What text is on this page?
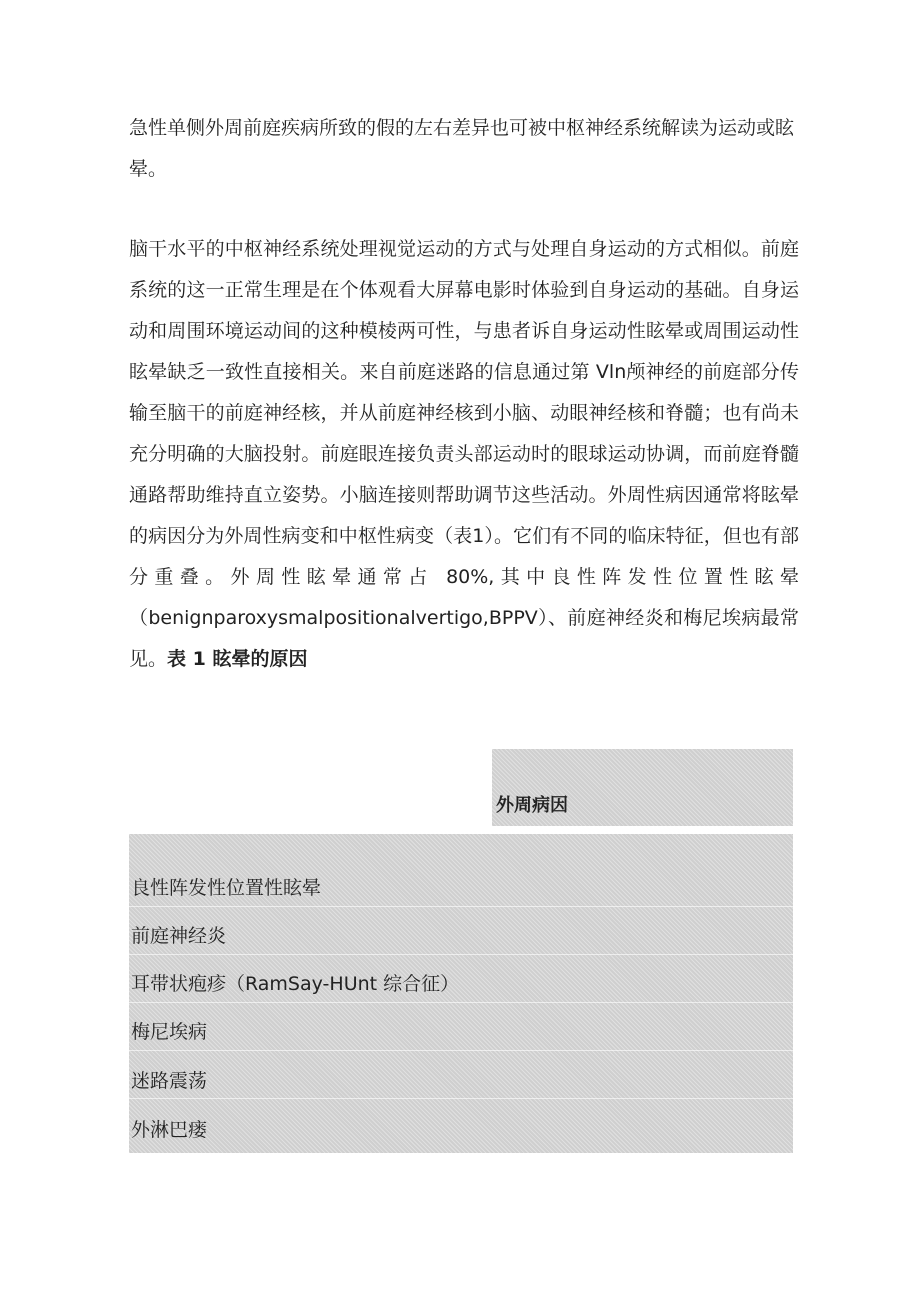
急性单侧外周前庭疾病所致的假的左右差异也可被中枢神经系统解读为运动或眩晕。

脑干水平的中枢神经系统处理视觉运动的方式与处理自身运动的方式相似。前庭系统的这一正常生理是在个体观看大屏幕电影时体验到自身运动的基础。自身运动和周围环境运动间的这种模棱两可性，与患者诉自身运动性眩晕或周围运动性眩晕缺乏一致性直接相关。来自前庭迷路的信息通过第 Vln颅神经的前庭部分传输至脑干的前庭神经核，并从前庭神经核到小脑、动眼神经核和脊髓；也有尚未充分明确的大脑投射。前庭眼连接负责头部运动时的眼球运动协调，而前庭脊髓通路帮助维持直立姿势。小脑连接则帮助调节这些活动。外周性病因通常将眩晕的病因分为外周性病变和中枢性病变（表1）。它们有不同的临床特征，但也有部分重叠。外周性眩晕通常占 80%,其中良性阵发性位置性眩晕（benignparoxysmalpositionalvertigo,BPPV）、前庭神经炎和梅尼埃病最常见。表 1 眩晕的原因

外周病因
良性阵发性位置性眩晕
前庭神经炎
耳带状疱疹（RamSay-HUnt 综合征）
梅尼埃病
迷路震荡
外淋巴瘘
